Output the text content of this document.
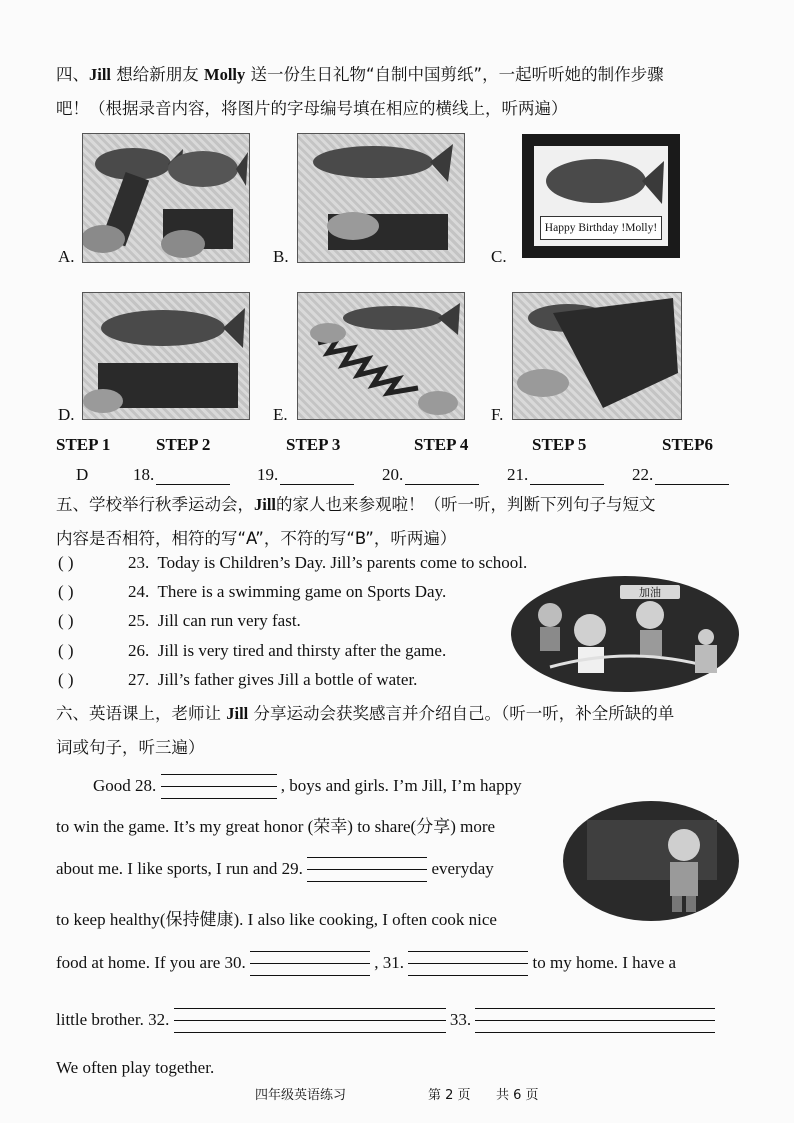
四、Jill 想给新朋友 Molly 送一份生日礼物“自制中国剪纸”，一起听听她的制作步骤
吧！（根据录音内容，将图片的字母编号填在相应的横线上，听两遍）
A.	B.
Happy Birthday !Molly!
C.
D.	E.	F.
STEP 1	STEP 2	STEP 3	STEP 4	STEP 5	STEP6
D	18.	19.	20.	21.	22.
五、学校举行秋季运动会，Jill的家人也来参观啦！（听一听，判断下列句子与短文
内容是否相符，相符的写“A”，不符的写“B”，听两遍）
( )	23. Today is Children’s Day. Jill’s parents come to school.
( )	24. There is a swimming game on Sports Day.
( )	25. Jill can run very fast.
( )	26. Jill is very tired and thirsty after the game.
( )	27. Jill’s father gives Jill a bottle of water.
加油
六、英语课上，老师让 Jill 分享运动会获奖感言并介绍自己。（听一听，补全所缺的单
词或句子，听三遍）
Good 28.	, boys and girls. I’m Jill, I’m happy
to win the game. It’s my great honor (荣幸) to share(分享) more
about me. I like sports, I run and 29.	everyday
to keep healthy(保持健康). I also like cooking, I often cook nice
food at home. If you are 30.	, 31.	to my home. I have a
little brother. 32.	33.
We often play together.
四年级英语练习	第 2 页 共 6 页
